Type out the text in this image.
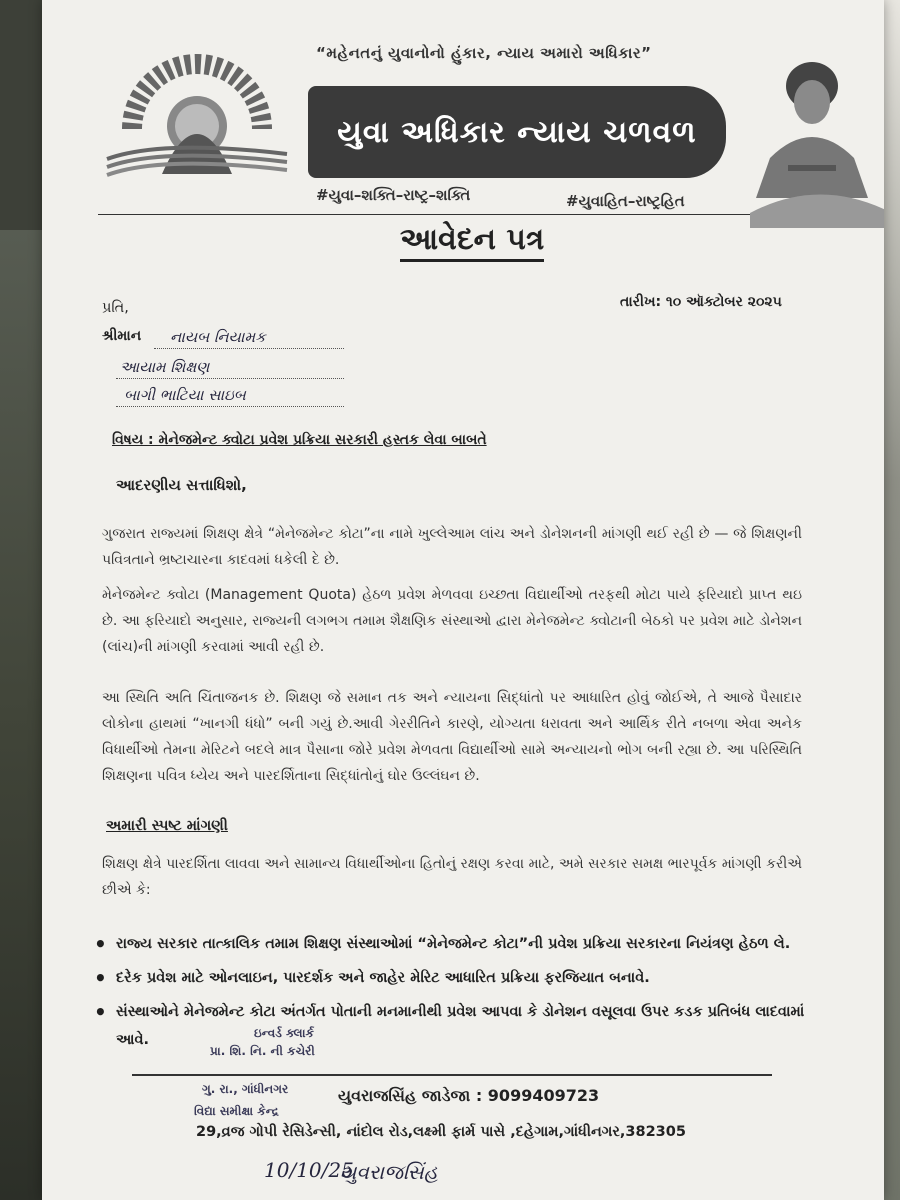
“મહેનતનું યુવાનોનો હુંકાર, ન્યાય અમારો અધિકાર”
યુવા અધિકાર ન્યાય ચળવળ
#યુવા–શક્તિ–રાષ્ટ્ર–શક્તિ	#યુવાહિત–રાષ્ટ્રહિત
આવેદન પત્ર
તારીખ: ૧૦ ઑક્ટોબર ૨૦૨૫
પ્રતિ,
શ્રીમાન નાયબ નિયામક
આયામ શિક્ષણ
બાગી ભાટિયા સાઇબ
વિષય : મેનેજમેન્ટ ક્વોટા પ્રવેશ પ્રક્રિયા સરકારી હસ્તક લેવા બાબતે
આદરણીય સત્તાધિશો,
ગુજરાત રાજ્યમાં શિક્ષણ ક્ષેત્રે “મેનેજમેન્ટ કોટા”ના નામે ખુલ્લેઆમ લાંચ અને ડોનેશનની માંગણી થઈ રહી છે — જે શિક્ષણની પવિત્રતાને ભ્રષ્ટાચારના કાદવમાં ધકેલી દે છે.
મેનેજમેન્ટ ક્વોટા (Management Quota) હેઠળ પ્રવેશ મેળવવા ઇચ્છતા વિદ્યાર્થીઓ તરફથી મોટા પાયે ફરિયાદો પ્રાપ્ત થઇ છે. આ ફરિયાદો અનુસાર, રાજ્યની લગભગ તમામ શૈક્ષણિક સંસ્થાઓ દ્વારા મેનેજમેન્ટ ક્વોટાની બેઠકો પર પ્રવેશ માટે ડોનેશન (લાંચ)ની માંગણી કરવામાં આવી રહી છે.
આ સ્થિતિ અતિ ચિંતાજનક છે. શિક્ષણ જે સમાન તક અને ન્યાયના સિદ્ધાંતો પર આધારિત હોવું જોઈએ, તે આજે પૈસાદાર લોકોના હાથમાં “ખાનગી ધંધો” બની ગયું છે.આવી ગેરરીતિને કારણે, યોગ્યતા ધરાવતા અને આર્થિક રીતે નબળા એવા અનેક વિધાર્થીઓ તેમના મેરિટને બદલે માત્ર પૈસાના જોરે પ્રવેશ મેળવતા વિદ્યાર્થીઓ સામે અન્યાયનો ભોગ બની રહ્યા છે. આ પરિસ્થિતિ શિક્ષણના પવિત્ર ધ્યેય અને પારદર્શિતાના સિદ્ધાંતોનું ઘોર ઉલ્લંઘન છે.
અમારી સ્પષ્ટ માંગણી
શિક્ષણ ક્ષેત્રે પારદર્શિતા લાવવા અને સામાન્ય વિધાર્થીઓના હિતોનું રક્ષણ કરવા માટે, અમે સરકાર સમક્ષ ભારપૂર્વક માંગણી કરીએ છીએ કે:
• રાજ્ય સરકાર તાત્કાલિક તમામ શિક્ષણ સંસ્થાઓમાં “મેનેજમેન્ટ કોટા”ની પ્રવેશ પ્રક્રિયા સરકારના નિયંત્રણ હેઠળ લે.
• દરેક પ્રવેશ માટે ઓનલાઇન, પારદર્શક અને જાહેર મેરિટ આધારિત પ્રક્રિયા ફરજિયાત બનાવે.
• સંસ્થાઓને મેનેજમેન્ટ કોટા અંતર્ગત પોતાની મનમાનીથી પ્રવેશ આપવા કે ડોનેશન વસૂલવા ઉપર કડક પ્રતિબંધ લાદવામાં આવે.	ઇન્વર્ડ ક્લાર્ક
પ્રા. શિ. નિ. ની કચેરી
ગુ. રા., ગાંધીનગર
વિદ્યા સમીક્ષા કેન્દ્ર
યુવરાજસિંહ જાડેજા : 9099409723
29,વ્રજ ગોપી રેસિડેન્સી, નાંદોલ રોડ,લક્ષ્મી ફાર્મ પાસે ,દહેગામ,ગાંધીનગર,382305
10/10/25
યુવરાજસિંહ
